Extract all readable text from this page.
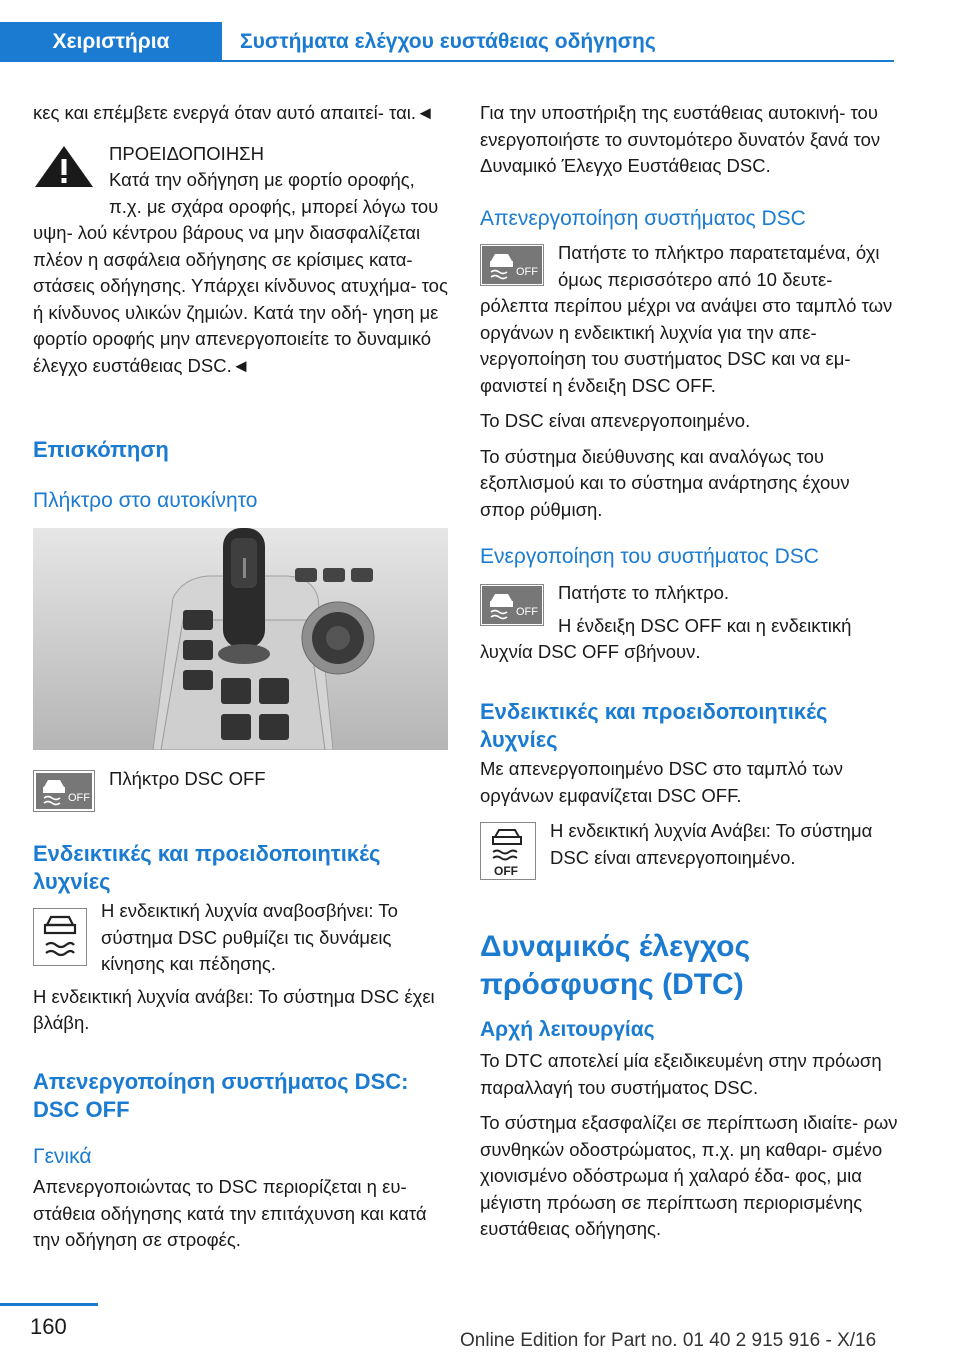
Χειριστήρια	Συστήματα ελέγχου ευστάθειας οδήγησης

κες και επέμβετε ενεργά όταν αυτό απαιτεί- ται.◄

ΠΡΟΕΙΔΟΠΟΙΗΣΗ
Κατά την οδήγηση με φορτίο οροφής, π.χ. με σχάρα οροφής, μπορεί λόγω του υψη- λού κέντρου βάρους να μην διασφαλίζεται πλέον η ασφάλεια οδήγησης σε κρίσιμες κατα- στάσεις οδήγησης. Υπάρχει κίνδυνος ατυχήμα- τος ή κίνδυνος υλικών ζημιών. Κατά την οδή- γηση με φορτίο οροφής μην απενεργοποιείτε το δυναμικό έλεγχο ευστάθειας DSC.◄
Επισκόπηση
Πλήκτρο στο αυτοκίνητο
OFF
Πλήκτρο DSC OFF
Ενδεικτικές και προειδοποιητικές λυχνίες
Η ενδεικτική λυχνία αναβοσβήνει: Το σύστημα DSC ρυθμίζει τις δυνάμεις κίνησης και πέδησης.

Η ενδεικτική λυχνία ανάβει: Το σύστημα DSC έχει βλάβη.

Απενεργοποίηση συστήματος DSC: DSC OFF
Γενικά
Απενεργοποιώντας το DSC περιορίζεται η ευ- στάθεια οδήγησης κατά την επιτάχυνση και κατά την οδήγηση σε στροφές.
Για την υποστήριξη της ευστάθειας αυτοκινή- του ενεργοποιήστε το συντομότερο δυνατόν ξανά τον Δυναμικό Έλεγχο Ευστάθειας DSC.
Απενεργοποίηση συστήματος DSC
OFF
Πατήστε το πλήκτρο παρατεταμένα, όχι όμως περισσότερο από 10 δευτε- ρόλεπτα περίπου μέχρι να ανάψει στο ταμπλό των οργάνων η ενδεικτική λυχνία για την απε- νεργοποίηση του συστήματος DSC και να εμ- φανιστεί η ένδειξη DSC OFF.

Το DSC είναι απενεργοποιημένο.

Το σύστημα διεύθυνσης και αναλόγως του εξοπλισμού και το σύστημα ανάρτησης έχουν σπορ ρύθμιση.

Ενεργοποίηση του συστήματος DSC
OFF
Πατήστε το πλήκτρο.
Η ένδειξη DSC OFF και η ενδεικτική λυχνία DSC OFF σβήνουν.
Ενδεικτικές και προειδοποιητικές λυχνίες
Με απενεργοποιημένο DSC στο ταμπλό των οργάνων εμφανίζεται DSC OFF.
OFF
Η ενδεικτική λυχνία Ανάβει: Το σύστημα DSC είναι απενεργοποιημένο.
Δυναμικός έλεγχος πρόσφυσης (DTC)
Αρχή λειτουργίας

Το DTC αποτελεί μία εξειδικευμένη στην πρόωση παραλλαγή του συστήματος DSC.

Το σύστημα εξασφαλίζει σε περίπτωση ιδιαίτε- ρων συνθηκών οδοστρώματος, π.χ. μη καθαρι- σμένο χιονισμένο οδόστρωμα ή χαλαρό έδα- φος, μια μέγιστη πρόωση σε περίπτωση περιορισμένης ευστάθειας οδήγησης.

160
Online Edition for Part no. 01 40 2 915 916 - X/16
